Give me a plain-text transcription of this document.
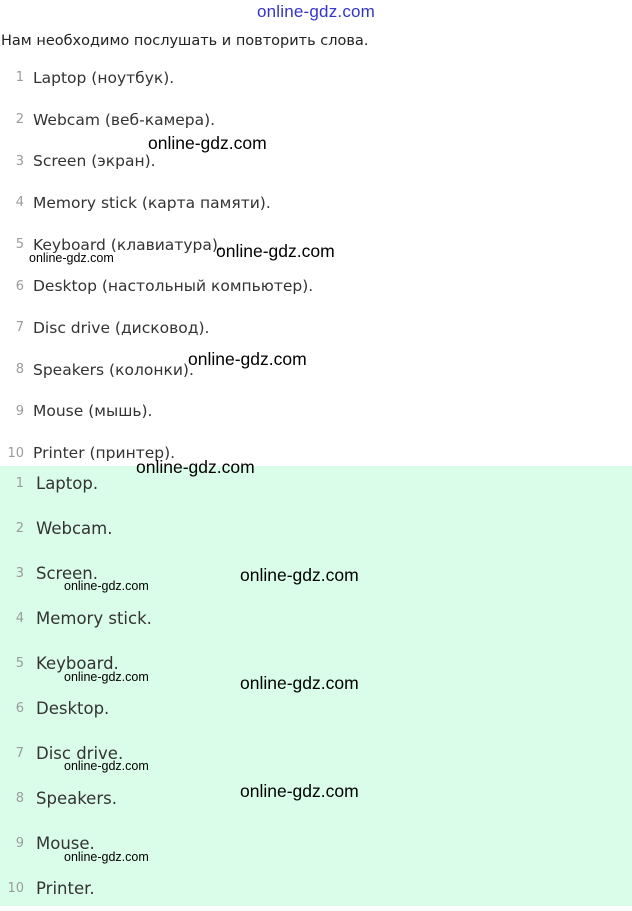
online-gdz.com
Нам необходимо послушать и повторить слова.
1 Laptop (ноутбук).
2 Webcam (веб-камера).
3 Screen (экран).
4 Memory stick (карта памяти).
5 Keyboard (клавиатура).
6 Desktop (настольный компьютер).
7 Disc drive (дисковод).
8 Speakers (колонки).
9 Mouse (мышь).
10 Printer (принтер).
1 Laptop.
2 Webcam.
3 Screen.
4 Memory stick.
5 Keyboard.
6 Desktop.
7 Disc drive.
8 Speakers.
9 Mouse.
10 Printer.
online-gdz.com
online-gdz.com	online-gdz.com
online-gdz.com
online-gdz.com
online-gdz.com
online-gdz.com
online-gdz.com
online-gdz.com
online-gdz.com
online-gdz.com
online-gdz.com
